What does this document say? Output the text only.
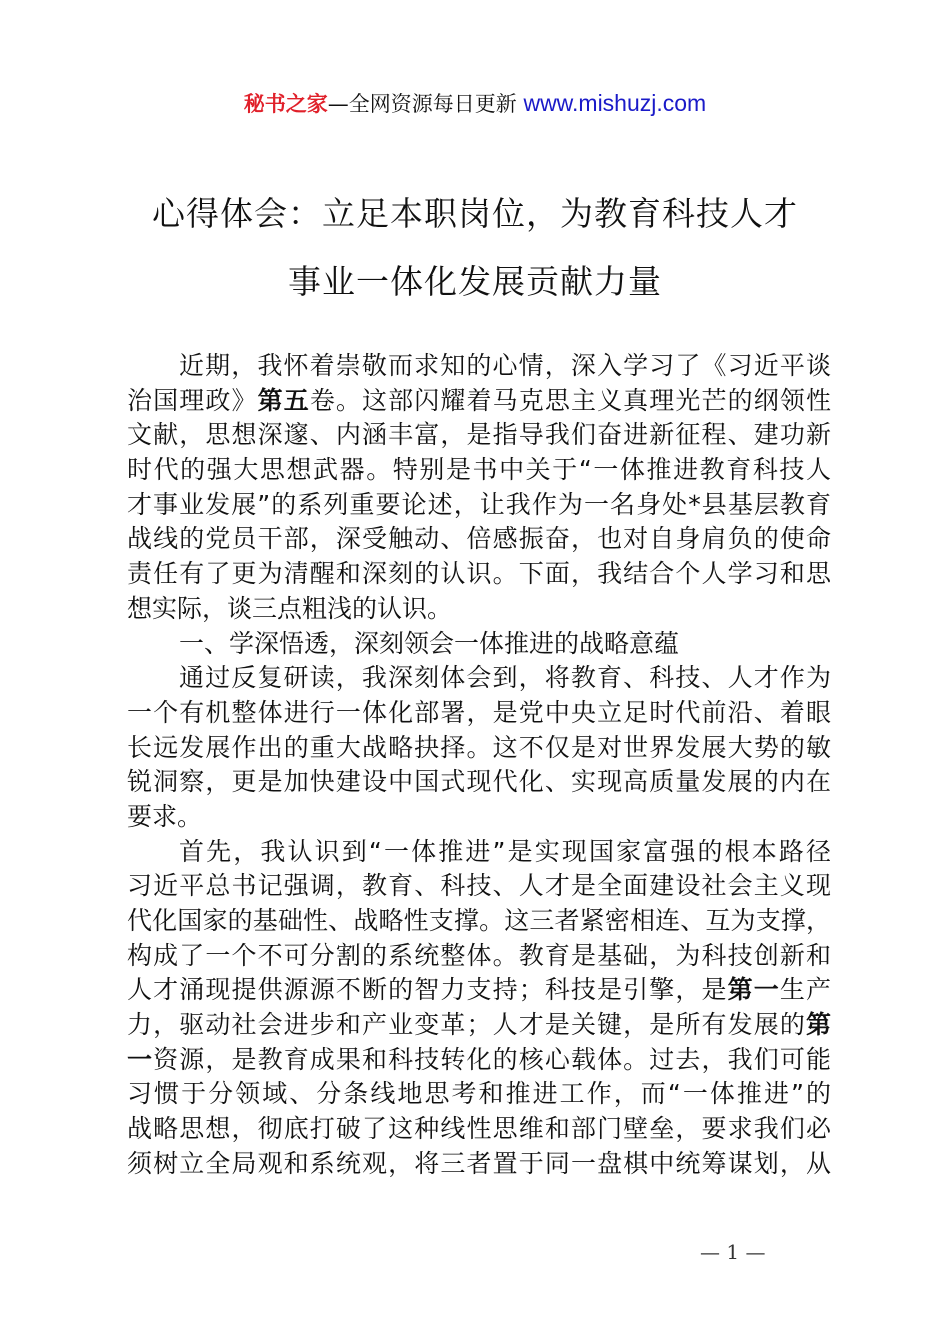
秘书之家—全网资源每日更新 www.mishuzj.com
心得体会：立足本职岗位，为教育科技人才
事业一体化发展贡献力量
近期，我怀着崇敬而求知的心情，深入学习了《习近平谈
治国理政》第五卷。这部闪耀着马克思主义真理光芒的纲领性
文献，思想深邃、内涵丰富，是指导我们奋进新征程、建功新
时代的强大思想武器。特别是书中关于“一体推进教育科技人
才事业发展”的系列重要论述，让我作为一名身处*县基层教育
战线的党员干部，深受触动、倍感振奋，也对自身肩负的使命
责任有了更为清醒和深刻的认识。下面，我结合个人学习和思
想实际，谈三点粗浅的认识。
一、学深悟透，深刻领会一体推进的战略意蕴
通过反复研读，我深刻体会到，将教育、科技、人才作为
一个有机整体进行一体化部署，是党中央立足时代前沿、着眼
长远发展作出的重大战略抉择。这不仅是对世界发展大势的敏
锐洞察，更是加快建设中国式现代化、实现高质量发展的内在
要求。
首先，我认识到“一体推进”是实现国家富强的根本路径
习近平总书记强调，教育、科技、人才是全面建设社会主义现
代化国家的基础性、战略性支撑。这三者紧密相连、互为支撑，
构成了一个不可分割的系统整体。教育是基础，为科技创新和
人才涌现提供源源不断的智力支持；科技是引擎，是第一生产
力，驱动社会进步和产业变革；人才是关键，是所有发展的第
一资源，是教育成果和科技转化的核心载体。过去，我们可能
习惯于分领域、分条线地思考和推进工作，而“一体推进”的
战略思想，彻底打破了这种线性思维和部门壁垒，要求我们必
须树立全局观和系统观，将三者置于同一盘棋中统筹谋划，从
— 1 —
